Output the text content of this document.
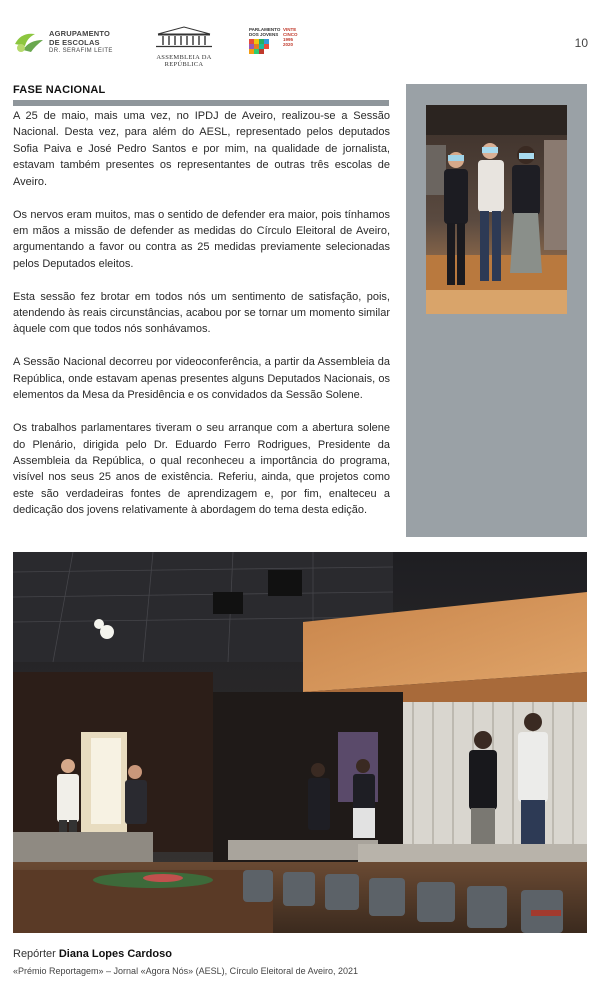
AGRUPAMENTO
DE ESCOLAS
DR. SERAFIM LEITE
ASSEMBLEIA DA REPÚBLICA
PARLAMENTO
DOS JOVENS
VINTE
CINCO
1995 2020	10
FASE NACIONAL

A 25 de maio, mais uma vez, no IPDJ de Aveiro, realizou-se a Sessão Nacional. Desta vez, para além do AESL, representado pelos deputados Sofia Paiva e José Pedro Santos e por mim, na qualidade de jornalista, estavam também presentes os representantes de outras três escolas de Aveiro.

Os nervos eram muitos, mas o sentido de defender era maior, pois tínhamos em mãos a missão de defender as medidas do Círculo Eleitoral de Aveiro, argumentando a favor ou contra as 25 medidas previamente selecionadas pelos Deputados eleitos.

Esta sessão fez brotar em todos nós um sentimento de satisfação, pois, atendendo às reais circunstâncias, acabou por se tornar um momento similar àquele com que todos nós sonhávamos.

A Sessão Nacional decorreu por videoconferência, a partir da Assembleia da República, onde estavam apenas presentes alguns Deputados Nacionais, os elementos da Mesa da Presidência e os convidados da Sessão Solene.

Os trabalhos parlamentares tiveram o seu arranque com a abertura solene do Plenário, dirigida pelo Dr. Eduardo Ferro Rodrigues, Presidente da Assembleia da República, o qual reconheceu a importância do programa, visível nos seus 25 anos de existência. Referiu, ainda, que projetos como este são verdadeiras fontes de aprendizagem e, por fim, enalteceu a dedicação dos jovens relativamente à abordagem do tema desta edição.

Repórter Diana Lopes Cardoso
«Prémio Reportagem» – Jornal «Agora Nós» (AESL), Círculo Eleitoral de Aveiro, 2021
